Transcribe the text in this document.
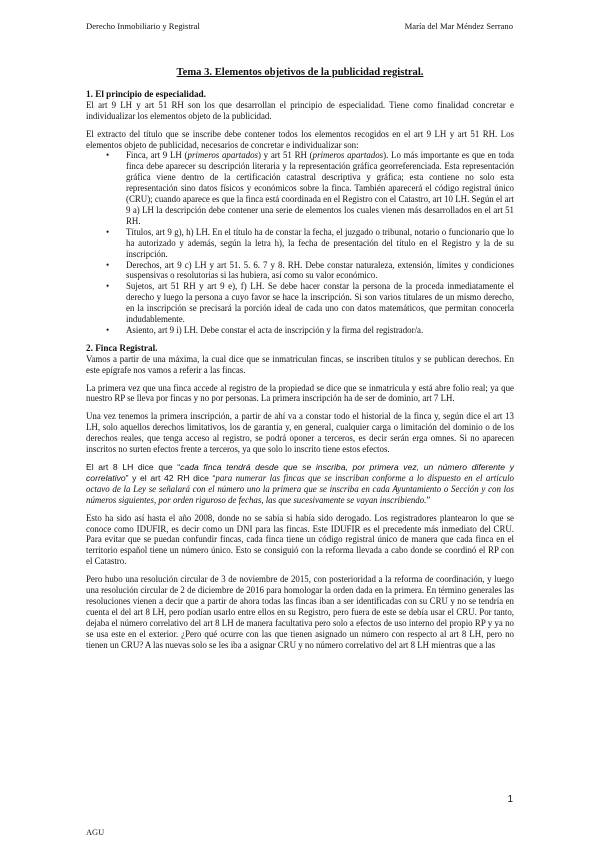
Derecho Inmobiliario y Registral	María del Mar Méndez Serrano
Tema 3. Elementos objetivos de la publicidad registral.
1. El principio de especialidad.

El art 9 LH y art 51 RH son los que desarrollan el principio de especialidad. Tiene como finalidad concretar e individualizar los elementos objeto de la publicidad.

El extracto del título que se inscribe debe contener todos los elementos recogidos en el art 9 LH y art 51 RH. Los elementos objeto de publicidad, necesarios de concretar e individualizar son:

• Finca, art 9 LH (primeros apartados) y art 51 RH (primeros apartados). Lo más importante es que en toda finca debe aparecer su descripción literaria y la representación gráfica georreferenciada. Esta representación gráfica viene dentro de la certificación catastral descriptiva y gráfica; esta contiene no solo esta representación sino datos físicos y económicos sobre la finca. También aparecerá el código registral único (CRU); cuando aparece es que la finca está coordinada en el Registro con el Catastro, art 10 LH. Según el art 9 a) LH la descripción debe contener una serie de elementos los cuales vienen más desarrollados en el art 51 RH.
• Títulos, art 9 g), h) LH. En el título ha de constar la fecha, el juzgado o tribunal, notario o funcionario que lo ha autorizado y además, según la letra h), la fecha de presentación del título en el Registro y la de su inscripción.
• Derechos, art 9 c) LH y art 51. 5. 6. 7 y 8. RH. Debe constar naturaleza, extensión, límites y condiciones suspensivas o resolutorias si las hubiera, así como su valor económico.
• Sujetos, art 51 RH y art 9 e), f) LH. Se debe hacer constar la persona de la proceda inmediatamente el derecho y luego la persona a cuyo favor se hace la inscripción. Si son varios titulares de un mismo derecho, en la inscripción se precisará la porción ideal de cada uno con datos matemáticos, que permitan conocerla indudablemente.
• Asiento, art 9 i) LH. Debe constar el acta de inscripción y la firma del registrador/a.
2. Finca Registral.

Vamos a partir de una máxima, la cual dice que se inmatriculan fincas, se inscriben títulos y se publican derechos. En este epígrafe nos vamos a referir a las fincas.

La primera vez que una finca accede al registro de la propiedad se dice que se inmatricula y está abre folio real; ya que nuestro RP se lleva por fincas y no por personas. La primera inscripción ha de ser de dominio, art 7 LH.

Una vez tenemos la primera inscripción, a partir de ahí va a constar todo el historial de la finca y, según dice el art 13 LH, solo aquellos derechos limitativos, los de garantía y, en general, cualquier carga o limitación del dominio o de los derechos reales, que tenga acceso al registro, se podrá oponer a terceros, es decir serán erga omnes. Si no aparecen inscritos no surten efectos frente a terceros, ya que solo lo inscrito tiene estos efectos.

El art 8 LH dice que “cada finca tendrá desde que se inscriba, por primera vez, un número diferente y correlativo” y el art 42 RH dice “para numerar las fincas que se inscriban conforme a lo dispuesto en el artículo octavo de la Ley se señalará con el número uno la primera que se inscriba en cada Ayuntamiento o Sección y con los números siguientes, por orden riguroso de fechas, las que sucesivamente se vayan inscribiendo.”

Esto ha sido así hasta el año 2008, donde no se sabía si había sido derogado. Los registradores plantearon lo que se conoce como IDUFIR, es decir como un DNI para las fincas. Este IDUFIR es el precedente más inmediato del CRU. Para evitar que se puedan confundir fincas, cada finca tiene un código registral único de manera que cada finca en el territorio español tiene un número único. Esto se consiguió con la reforma llevada a cabo donde se coordinó el RP con el Catastro.

Pero hubo una resolución circular de 3 de noviembre de 2015, con posterioridad a la reforma de coordinación, y luego una resolución circular de 2 de diciembre de 2016 para homologar la orden dada en la primera. En término generales las resoluciones vienen a decir que a partir de ahora todas las fincas iban a ser identificadas con su CRU y no se tendría en cuenta el del art 8 LH, pero podían usarlo entre ellos en su Registro, pero fuera de este se debía usar el CRU. Por tanto, dejaba el número correlativo del art 8 LH de manera facultativa pero solo a efectos de uso interno del propio RP y ya no se usa este en el exterior. ¿Pero qué ocurre con las que tienen asignado un número con respecto al art 8 LH, pero no tienen un CRU? A las nuevas solo se les iba a asignar CRU y no número correlativo del art 8 LH mientras que a las

1
AGU
